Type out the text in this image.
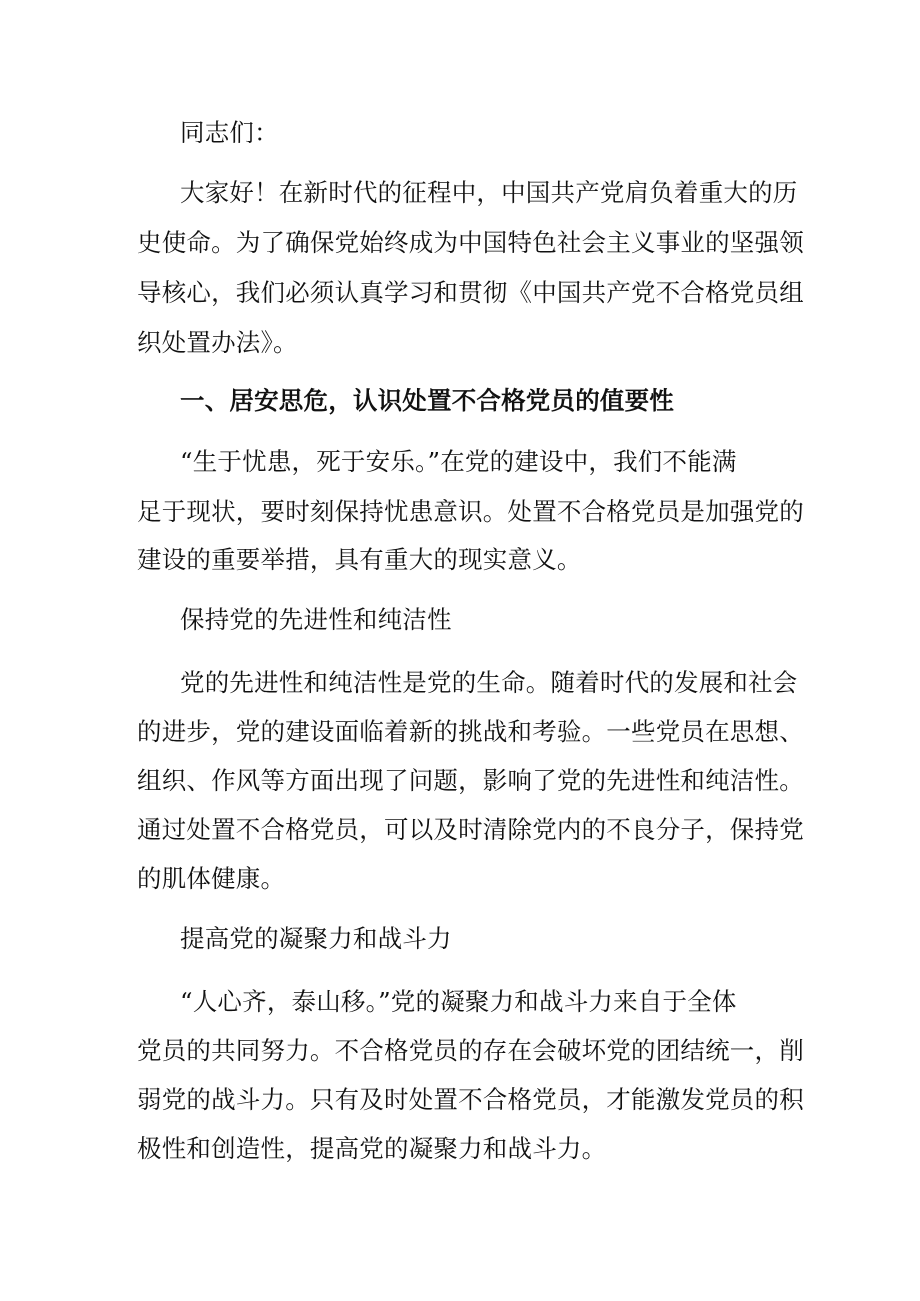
同志们：
大家好！在新时代的征程中，中国共产党肩负着重大的历
史使命。为了确保党始终成为中国特色社会主义事业的坚强领
导核心，我们必须认真学习和贯彻《中国共产党不合格党员组
织处置办法》。
一、居安思危，认识处置不合格党员的值要性
“生于忧患，死于安乐。”在党的建设中，我们不能满
足于现状，要时刻保持忧患意识。处置不合格党员是加强党的
建设的重要举措，具有重大的现实意义。
保持党的先进性和纯洁性
党的先进性和纯洁性是党的生命。随着时代的发展和社会
的进步，党的建设面临着新的挑战和考验。一些党员在思想、
组织、作风等方面出现了问题，影响了党的先进性和纯洁性。
通过处置不合格党员，可以及时清除党内的不良分子，保持党
的肌体健康。
提高党的凝聚力和战斗力
“人心齐，泰山移。”党的凝聚力和战斗力来自于全体
党员的共同努力。不合格党员的存在会破坏党的团结统一，削
弱党的战斗力。只有及时处置不合格党员，才能激发党员的积
极性和创造性，提高党的凝聚力和战斗力。
